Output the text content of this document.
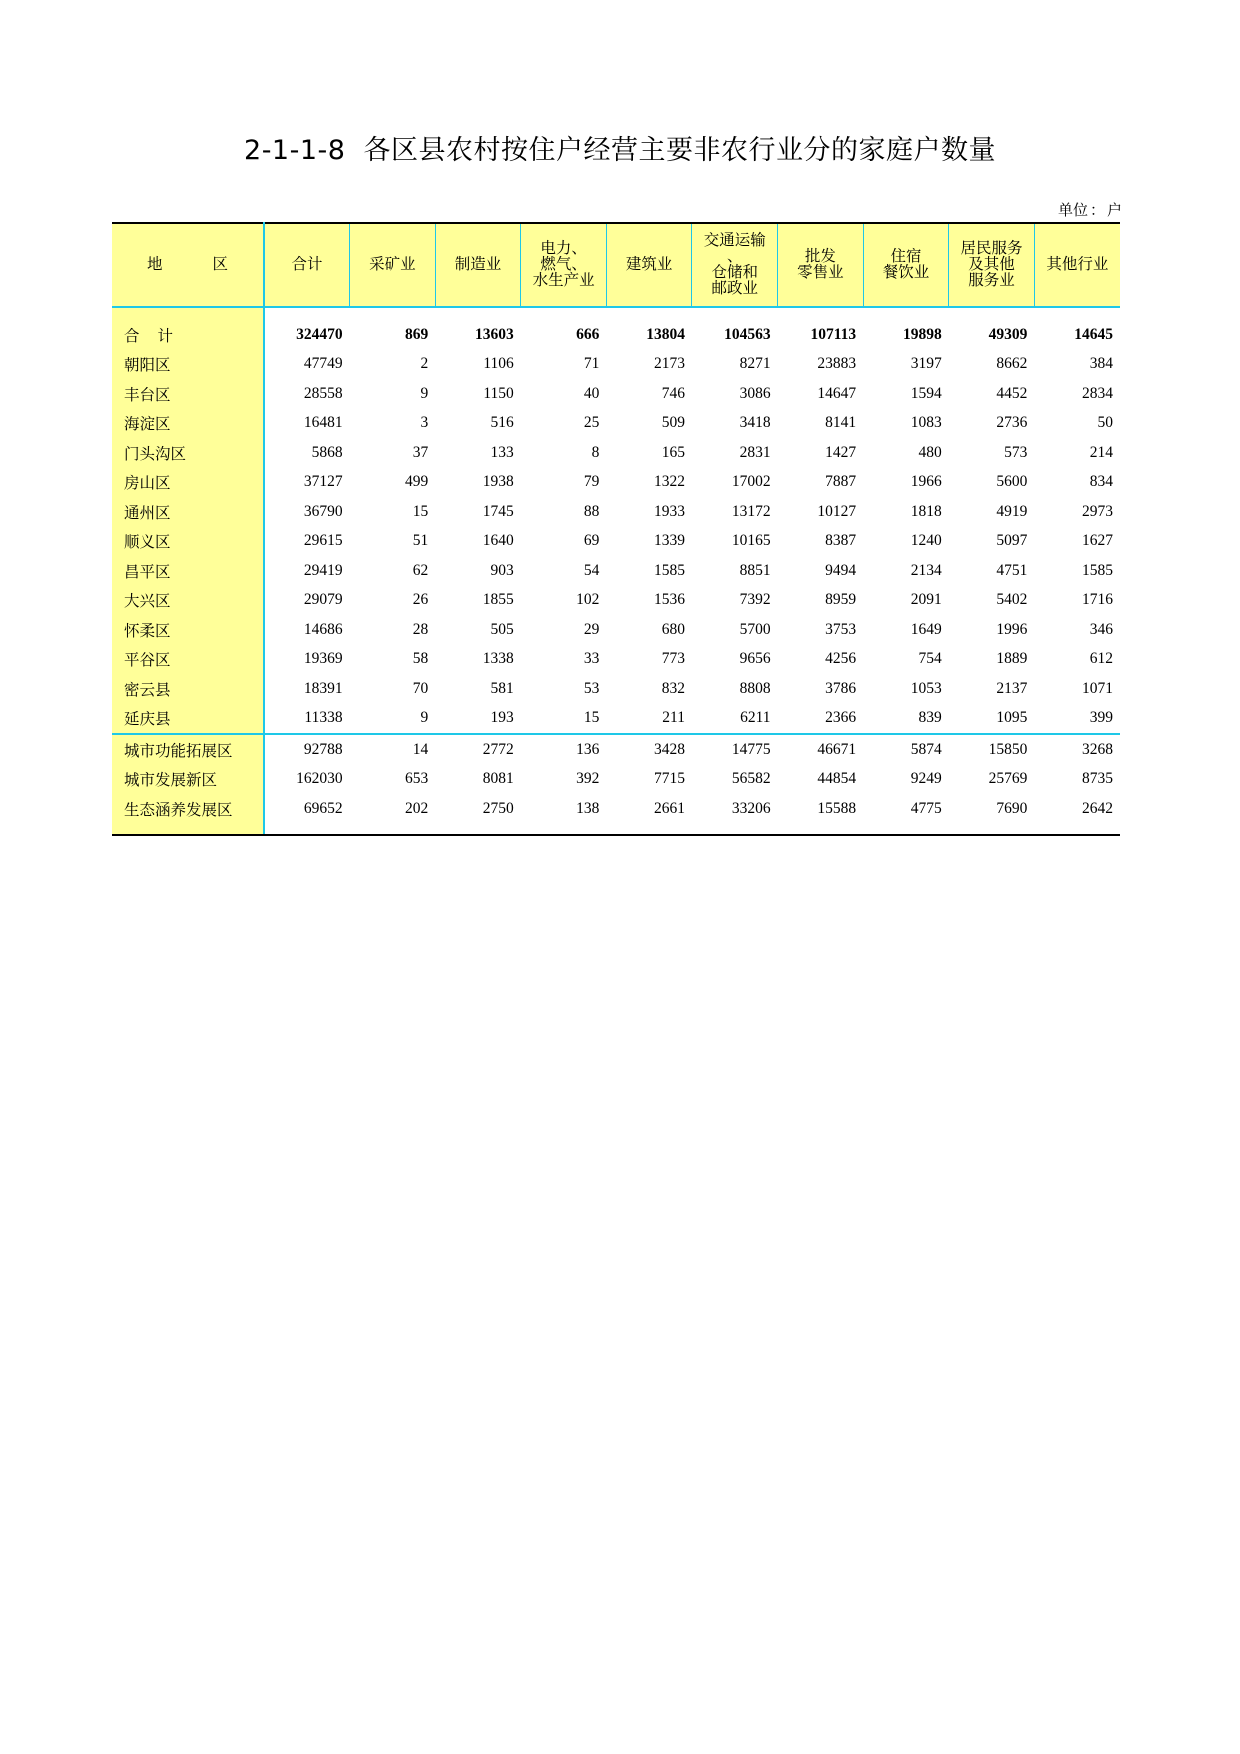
2-1-1-8 各区县农村按住户经营主要非农行业分的家庭户数量
单位 ： 户
地 区	合计	采矿业	制造业	电力、
燃气、
水生产业	建筑业	交通运输
、
仓储和
邮政业	批发
零售业	住宿
餐饮业	居民服务
及其他
服务业	其他行业

合 计	324470	869	13603	666	13804	104563	107113	19898	49309	14645
朝阳区	47749	2	1106	71	2173	8271	23883	3197	8662	384
丰台区	28558	9	1150	40	746	3086	14647	1594	4452	2834
海淀区	16481	3	516	25	509	3418	8141	1083	2736	50
门头沟区	5868	37	133	8	165	2831	1427	480	573	214
房山区	37127	499	1938	79	1322	17002	7887	1966	5600	834
通州区	36790	15	1745	88	1933	13172	10127	1818	4919	2973
顺义区	29615	51	1640	69	1339	10165	8387	1240	5097	1627
昌平区	29419	62	903	54	1585	8851	9494	2134	4751	1585
大兴区	29079	26	1855	102	1536	7392	8959	2091	5402	1716
怀柔区	14686	28	505	29	680	5700	3753	1649	1996	346
平谷区	19369	58	1338	33	773	9656	4256	754	1889	612
密云县	18391	70	581	53	832	8808	3786	1053	2137	1071
延庆县	11338	9	193	15	211	6211	2366	839	1095	399
城市功能拓展区	92788	14	2772	136	3428	14775	46671	5874	15850	3268
城市发展新区	162030	653	8081	392	7715	56582	44854	9249	25769	8735
生态涵养发展区	69652	202	2750	138	2661	33206	15588	4775	7690	2642
